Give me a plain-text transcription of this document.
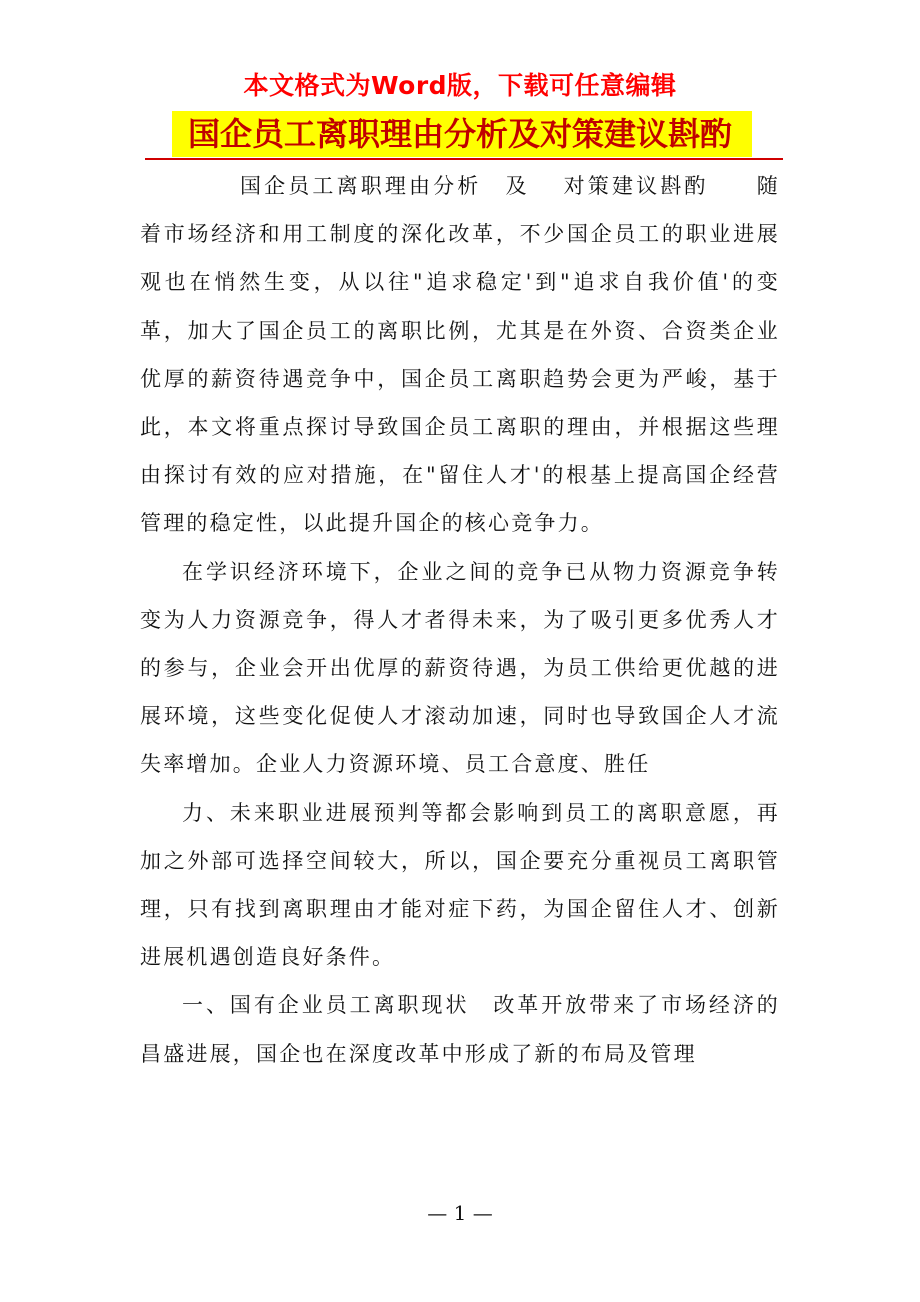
本文格式为Word版，下载可任意编辑
国企员工离职理由分析及对策建议斟酌

国企员工离职理由分析　及　 对策建议斟酌　　随着市场经济和用工制度的深化改革，不少国企员工的职业进展观也在悄然生变，从以往"追求稳定'到"追求自我价值'的变革，加大了国企员工的离职比例，尤其是在外资、合资类企业优厚的薪资待遇竞争中，国企员工离职趋势会更为严峻，基于此，本文将重点探讨导致国企员工离职的理由，并根据这些理由探讨有效的应对措施，在"留住人才'的根基上提高国企经营管理的稳定性，以此提升国企的核心竞争力。

在学识经济环境下，企业之间的竞争已从物力资源竞争转变为人力资源竞争，得人才者得未来，为了吸引更多优秀人才的参与，企业会开出优厚的薪资待遇，为员工供给更优越的进展环境，这些变化促使人才滚动加速，同时也导致国企人才流失率增加。企业人力资源环境、员工合意度、胜任

力、未来职业进展预判等都会影响到员工的离职意愿，再加之外部可选择空间较大，所以，国企要充分重视员工离职管理，只有找到离职理由才能对症下药，为国企留住人才、创新进展机遇创造良好条件。

一、国有企业员工离职现状　改革开放带来了市场经济的昌盛进展，国企也在深度改革中形成了新的布局及管理

— 1 —
